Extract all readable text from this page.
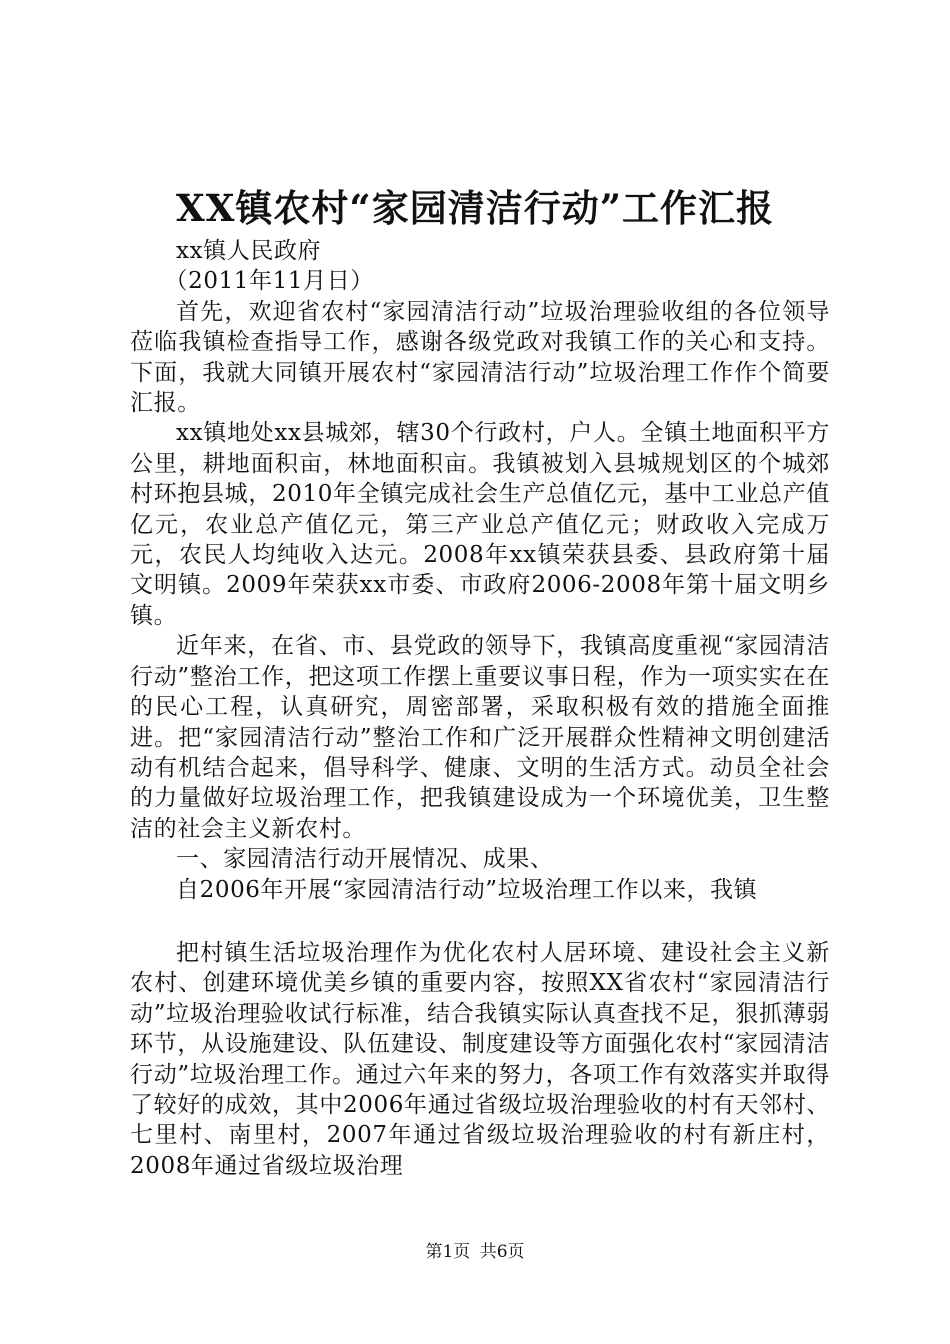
XX镇农村“家园清洁行动”工作汇报

xx镇人民政府

（2011年11月日）

首先，欢迎省农村“家园清洁行动”垃圾治理验收组的各位领导莅临我镇检查指导工作，感谢各级党政对我镇工作的关心和支持。下面，我就大同镇开展农村“家园清洁行动”垃圾治理工作作个简要汇报。

xx镇地处xx县城郊，辖30个行政村，户人。全镇土地面积平方公里，耕地面积亩，林地面积亩。我镇被划入县城规划区的个城郊村环抱县城，2010年全镇完成社会生产总值亿元，基中工业总产值亿元，农业总产值亿元，第三产业总产值亿元；财政收入完成万元，农民人均纯收入达元。2008年xx镇荣获县委、县政府第十届文明镇。2009年荣获xx市委、市政府2006-2008年第十届文明乡镇。

近年来，在省、市、县党政的领导下，我镇高度重视“家园清洁行动”整治工作，把这项工作摆上重要议事日程，作为一项实实在在的民心工程，认真研究，周密部署，采取积极有效的措施全面推进。把“家园清洁行动”整治工作和广泛开展群众性精神文明创建活动有机结合起来，倡导科学、健康、文明的生活方式。动员全社会的力量做好垃圾治理工作，把我镇建设成为一个环境优美，卫生整洁的社会主义新农村。

一、家园清洁行动开展情况、成果、

自2006年开展“家园清洁行动”垃圾治理工作以来，我镇

把村镇生活垃圾治理作为优化农村人居环境、建设社会主义新农村、创建环境优美乡镇的重要内容，按照XX省农村“家园清洁行动”垃圾治理验收试行标准，结合我镇实际认真查找不足，狠抓薄弱环节，从设施建设、队伍建设、制度建设等方面强化农村“家园清洁行动”垃圾治理工作。通过六年来的努力，各项工作有效落实并取得了较好的成效，其中2006年通过省级垃圾治理验收的村有天邻村、七里村、南里村，2007年通过省级垃圾治理验收的村有新庄村，2008年通过省级垃圾治理

第1页 共6页
